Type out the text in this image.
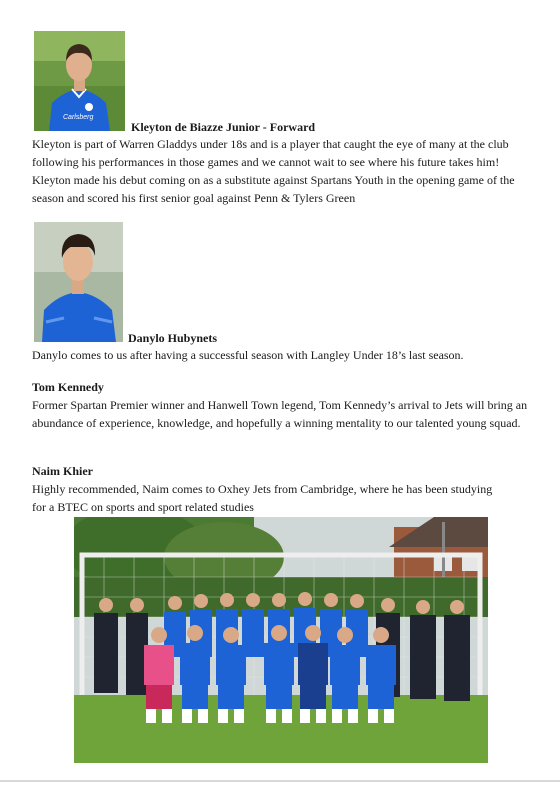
Carlsberg
Kleyton de Biazze Junior - Forward
Kleyton is part of Warren Gladdys under 18s and is a player that caught the eye of many at the club following his performances in those games and we cannot wait to see where his future takes him! Kleyton made his debut coming on as a substitute against Spartans Youth in the opening game of the season and scored his first senior goal against Penn & Tylers Green
Danylo Hubynets
Danylo comes to us after having a successful season with Langley Under 18’s last season.
Tom Kennedy
Former Spartan Premier winner and Hanwell Town legend, Tom Kennedy’s arrival to Jets will bring an abundance of experience, knowledge, and hopefully a winning mentality to our talented young squad.
Naim Khier
Highly recommended, Naim comes to Oxhey Jets from Cambridge, where he has been studying for a BTEC on sports and sport related studies
